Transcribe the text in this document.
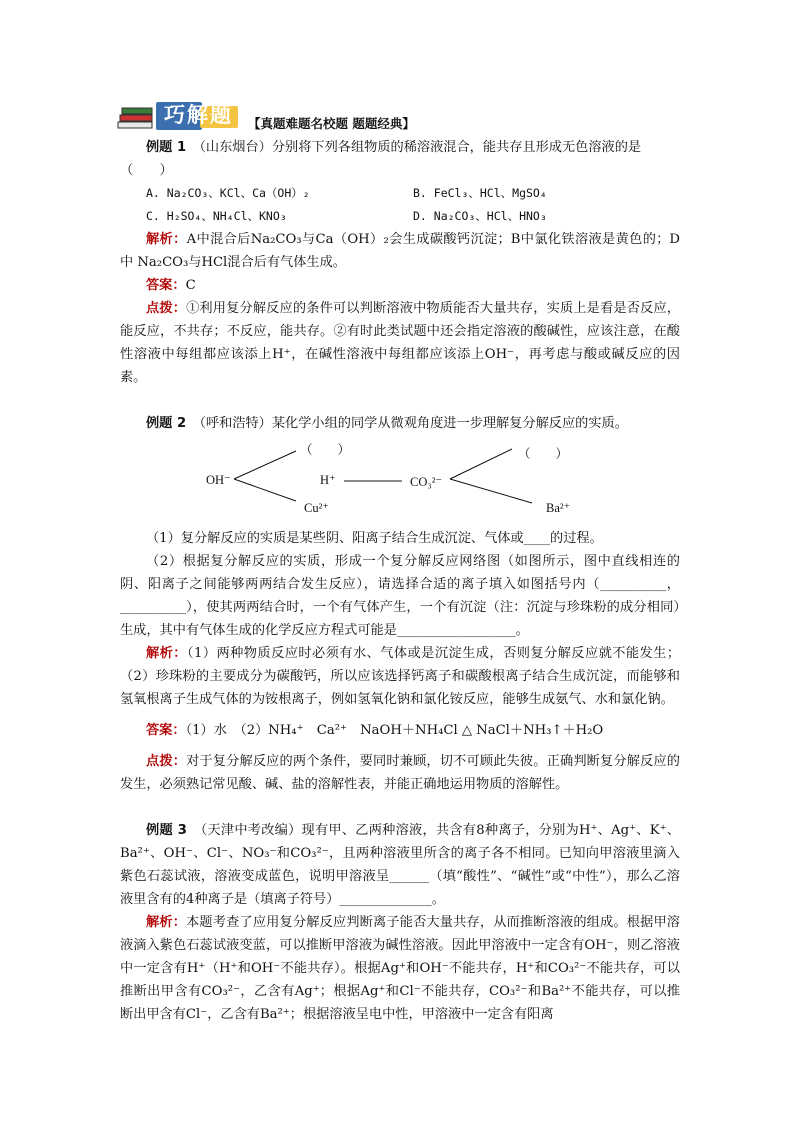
巧解题 【真题难题名校题 题题经典】

例题 1　 （山东烟台）分别将下列各组物质的稀溶液混合，能共存且形成无色溶液的是（　　）

A. Na₂CO₃、KCl、Ca（OH）₂	B. FeCl₃、HCl、MgSO₄
C. H₂SO₄、NH₄Cl、KNO₃	D. Na₂CO₃、HCl、HNO₃

解析：A中混合后Na₂CO₃与Ca（OH）₂会生成碳酸钙沉淀；B中氯化铁溶液是黄色的；D中 Na₂CO₃与HCl混合后有气体生成。

答案：C

点拨：①利用复分解反应的条件可以判断溶液中物质能否大量共存，实质上是看是否反应，能反应，不共存；不反应，能共存。②有时此类试题中还会指定溶液的酸碱性，应该注意，在酸性溶液中每组都应该添上H⁺，在碱性溶液中每组都应该添上OH⁻，再考虑与酸或碱反应的因素。

例题 2　 （呼和浩特）某化学小组的同学从微观角度进一步理解复分解反应的实质。

（　　）	（　　）
OH⁻	H⁺	CO₃²⁻
Cu²⁺	Ba²⁺

（1）复分解反应的实质是某些阴、阳离子结合生成沉淀、气体或____的过程。

（2）根据复分解反应的实质，形成一个复分解反应网络图（如图所示，图中直线相连的阴、阳离子之间能够两两结合发生反应），请选择合适的离子填入如图括号内（__________，__________），使其两两结合时，一个有气体产生，一个有沉淀（注：沉淀与珍珠粉的成分相同）生成，其中有气体生成的化学反应方程式可能是__________________。

解析：（1）两种物质反应时必须有水、气体或是沉淀生成，否则复分解反应就不能发生；（2）珍珠粉的主要成分为碳酸钙，所以应该选择钙离子和碳酸根离子结合生成沉淀，而能够和氢氧根离子生成气体的为铵根离子，例如氢氧化钠和氯化铵反应，能够生成氨气、水和氯化钠。

答案：（1）水　（2）NH₄⁺　Ca²⁺　NaOH＋NH₄Cl △ NaCl＋NH₃↑＋H₂O

点拨：对于复分解反应的两个条件，要同时兼顾，切不可顾此失彼。正确判断复分解反应的发生，必须熟记常见酸、碱、盐的溶解性表，并能正确地运用物质的溶解性。

例题 3　 （天津中考改编）现有甲、乙两种溶液，共含有8种离子，分别为H⁺、Ag⁺、K⁺、Ba²⁺、OH⁻、Cl⁻、NO₃⁻和CO₃²⁻，且两种溶液里所含的离子各不相同。已知向甲溶液里滴入紫色石蕊试液，溶液变成蓝色，说明甲溶液呈______（填“酸性”、“碱性”或“中性”），那么乙溶液里含有的4种离子是（填离子符号）______________。

解析：本题考查了应用复分解反应判断离子能否大量共存，从而推断溶液的组成。根据甲溶液滴入紫色石蕊试液变蓝，可以推断甲溶液为碱性溶液。因此甲溶液中一定含有OH⁻，则乙溶液中一定含有H⁺（H⁺和OH⁻不能共存）。根据Ag⁺和OH⁻不能共存，H⁺和CO₃²⁻不能共存，可以推断出甲含有CO₃²⁻，乙含有Ag⁺；根据Ag⁺和Cl⁻不能共存，CO₃²⁻和Ba²⁺不能共存，可以推断出甲含有Cl⁻，乙含有Ba²⁺；根据溶液呈电中性，甲溶液中一定含有阳离
